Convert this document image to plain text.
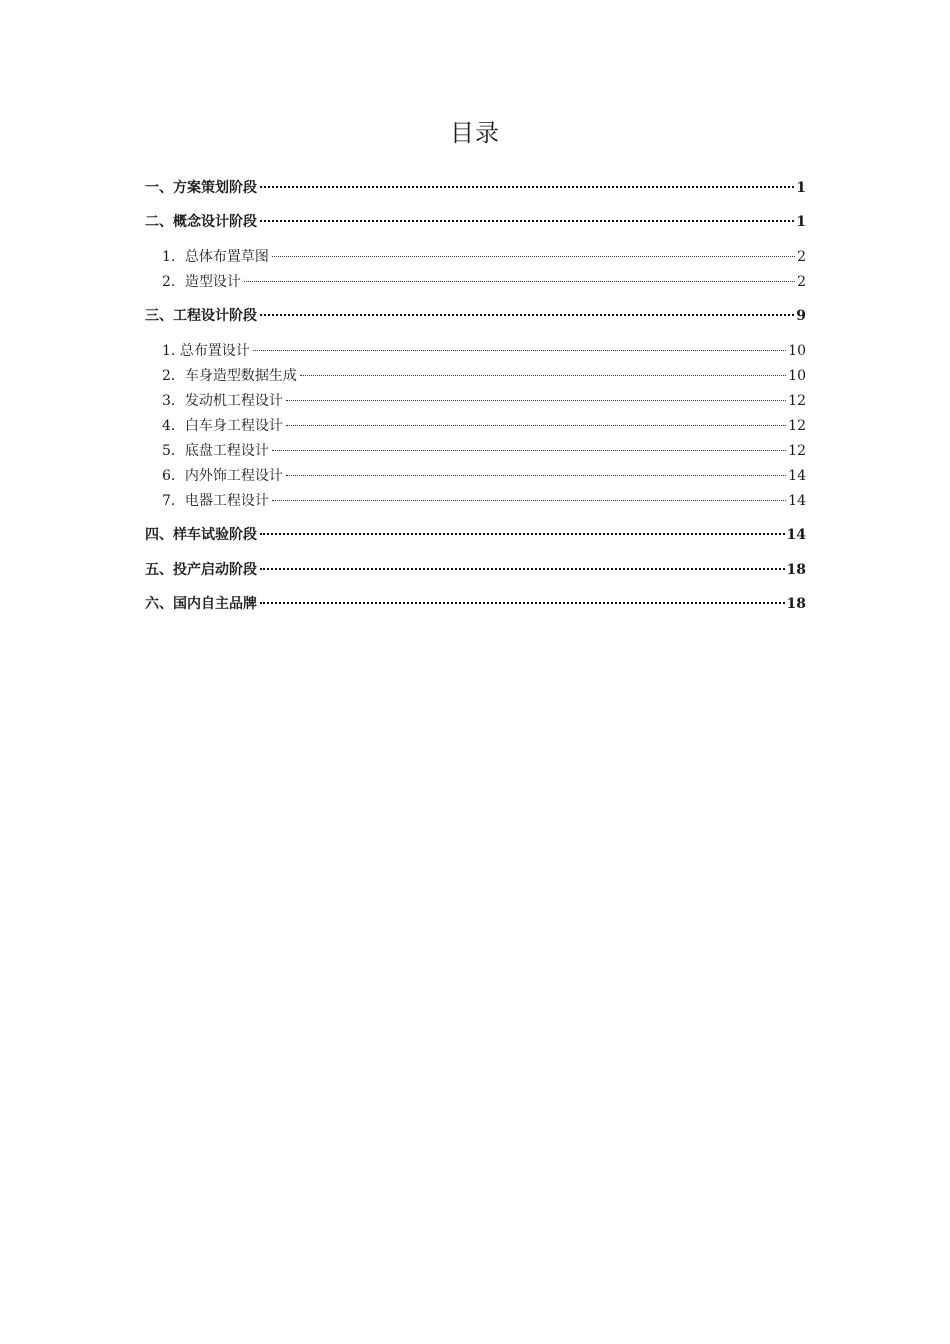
目录
一、方案策划阶段	1
二、概念设计阶段	1
1．总体布置草图	2
2．造型设计	2
三、工程设计阶段	9
1. 总布置设计	10
2．车身造型数据生成	10
3．发动机工程设计	12
4．白车身工程设计	12
5．底盘工程设计	12
6．内外饰工程设计	14
7．电器工程设计	14
四、样车试验阶段	14
五、投产启动阶段	18
六、国内自主品牌	18
